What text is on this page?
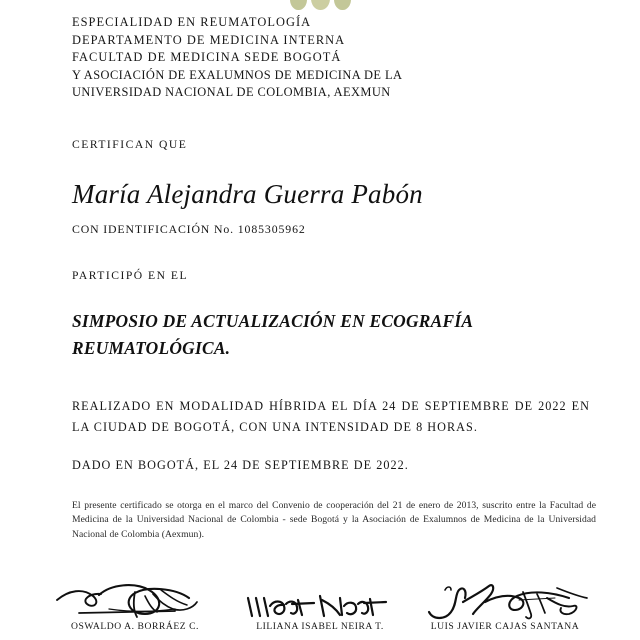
ESPECIALIDAD EN REUMATOLOGÍA
DEPARTAMENTO DE MEDICINA INTERNA
FACULTAD DE MEDICINA SEDE BOGOTÁ
Y ASOCIACIÓN DE EXALUMNOS DE MEDICINA DE LA
UNIVERSIDAD NACIONAL DE COLOMBIA, AEXMUN
CERTIFICAN QUE
María Alejandra Guerra Pabón
CON IDENTIFICACIÓN No. 1085305962
PARTICIPÓ EN EL
SIMPOSIO DE ACTUALIZACIÓN EN ECOGRAFÍA REUMATOLÓGICA.
REALIZADO EN MODALIDAD HÍBRIDA EL DÍA 24 DE SEPTIEMBRE DE 2022 EN LA CIUDAD DE BOGOTÁ, CON UNA INTENSIDAD DE 8 HORAS.
DADO EN BOGOTÁ, EL 24 DE SEPTIEMBRE DE 2022.
El presente certificado se otorga en el marco del Convenio de cooperación del 21 de enero de 2013, suscrito entre la Facultad de Medicina de la Universidad Nacional de Colombia - sede Bogotá y la Asociación de Exalumnos de Medicina de la Universidad Nacional de Colombia (Aexmun).
OSWALDO A. BORRÁEZ C.	LILIANA ISABEL NEIRA T.	LUIS JAVIER CAJAS SANTANA
